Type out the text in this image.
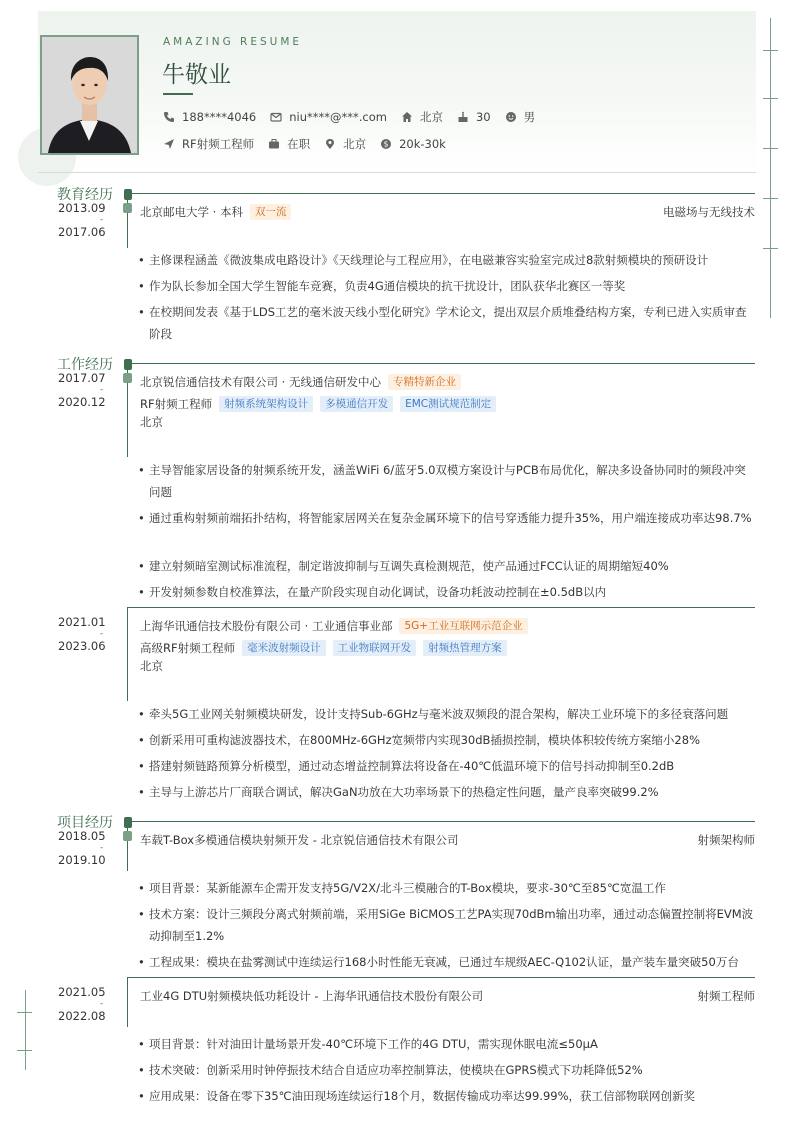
AMAZING RESUME
牛敬业
188****4046	niu****@***.com	北京	30	男
RF射频工程师	在职	北京 $ 20k-30k
教育经历
2013.09
-
2017.06
北京邮电大学 · 本科	双一流	电磁场与无线技术
• 主修课程涵盖《微波集成电路设计》《天线理论与工程应用》，在电磁兼容实验室完成过8款射频模块的预研设计
• 作为队长参加全国大学生智能车竞赛，负责4G通信模块的抗干扰设计，团队获华北赛区一等奖
• 在校期间发表《基于LDS工艺的毫米波天线小型化研究》学术论文，提出双层介质堆叠结构方案，专利已进入实质审查阶段
工作经历
2017.07
-
2020.12
北京锐信通信技术有限公司 · 无线通信研发中心	专精特新企业
RF射频工程师	射频系统架构设计	多模通信开发	EMC测试规范制定
北京
• 主导智能家居设备的射频系统开发，涵盖WiFi 6/蓝牙5.0双模方案设计与PCB布局优化，解决多设备协同时的频段冲突问题
• 通过重构射频前端拓扑结构，将智能家居网关在复杂金属环境下的信号穿透能力提升35%，用户端连接成功率达98.7%
• 建立射频暗室测试标准流程，制定谐波抑制与互调失真检测规范，使产品通过FCC认证的周期缩短40%
• 开发射频参数自校准算法，在量产阶段实现自动化调试，设备功耗波动控制在±0.5dB以内
2021.01
-
2023.06
上海华讯通信技术股份有限公司 · 工业通信事业部	5G+工业互联网示范企业
高级RF射频工程师	毫米波射频设计	工业物联网开发	射频热管理方案
北京
• 牵头5G工业网关射频模块研发，设计支持Sub-6GHz与毫米波双频段的混合架构，解决工业环境下的多径衰落问题
• 创新采用可重构滤波器技术，在800MHz-6GHz宽频带内实现30dB插损控制，模块体积较传统方案缩小28%
• 搭建射频链路预算分析模型，通过动态增益控制算法将设备在-40℃低温环境下的信号抖动抑制至0.2dB
• 主导与上游芯片厂商联合调试，解决GaN功放在大功率场景下的热稳定性问题，量产良率突破99.2%
项目经历
2018.05
-
2019.10
车载T-Box多模通信模块射频开发 - 北京锐信通信技术有限公司	射频架构师
• 项目背景：某新能源车企需开发支持5G/V2X/北斗三模融合的T-Box模块，要求-30℃至85℃宽温工作
• 技术方案：设计三频段分离式射频前端，采用SiGe BiCMOS工艺PA实现70dBm输出功率，通过动态偏置控制将EVM波动抑制至1.2%
• 工程成果：模块在盐雾测试中连续运行168小时性能无衰减，已通过车规级AEC-Q102认证，量产装车量突破50万台
2021.05
-
2022.08
工业4G DTU射频模块低功耗设计 - 上海华讯通信技术股份有限公司	射频工程师
• 项目背景：针对油田计量场景开发-40℃环境下工作的4G DTU，需实现休眠电流≤50μA
• 技术突破：创新采用时钟停振技术结合自适应功率控制算法，使模块在GPRS模式下功耗降低52%
• 应用成果：设备在零下35℃油田现场连续运行18个月，数据传输成功率达99.99%，获工信部物联网创新奖
